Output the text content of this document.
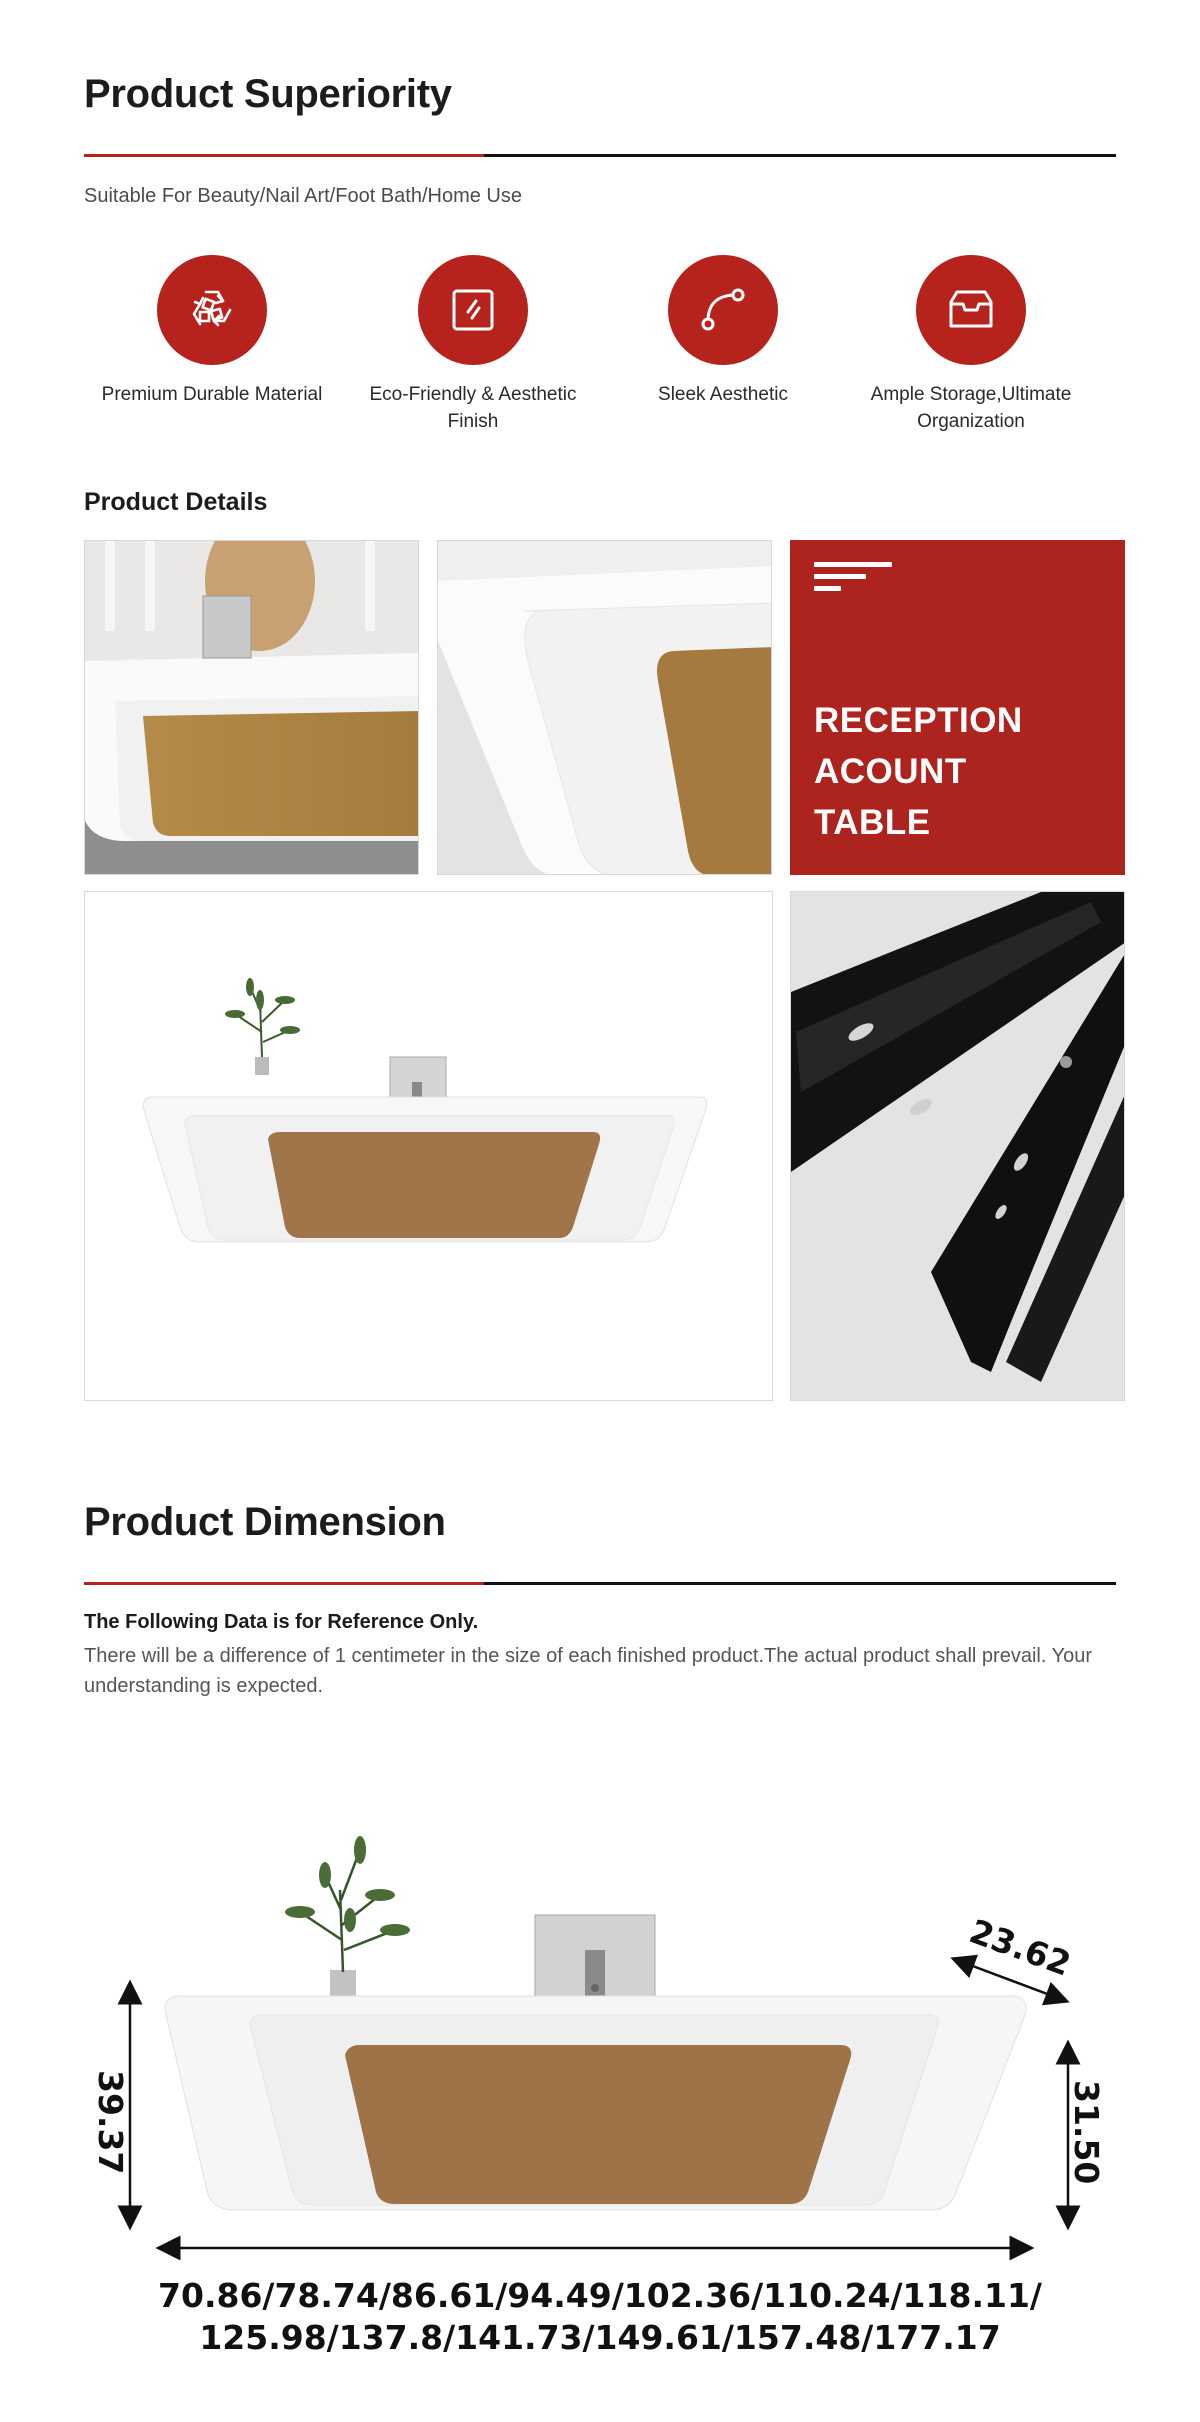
Product Superiority
Suitable For Beauty/Nail Art/Foot Bath/Home Use
Premium Durable Material	Eco-Friendly & Aesthetic Finish
Sleek Aesthetic	Ample Storage,Ultimate Organization
Product Details
RECEPTION
ACOUNT
TABLE
Product Dimension
The Following Data is for Reference Only.
There will be a difference of 1 centimeter in the size of each finished product.The actual product shall prevail. Your understanding is expected.
39.37	31.50
23.62
70.86/78.74/86.61/94.49/102.36/110.24/118.11/
125.98/137.8/141.73/149.61/157.48/177.17
